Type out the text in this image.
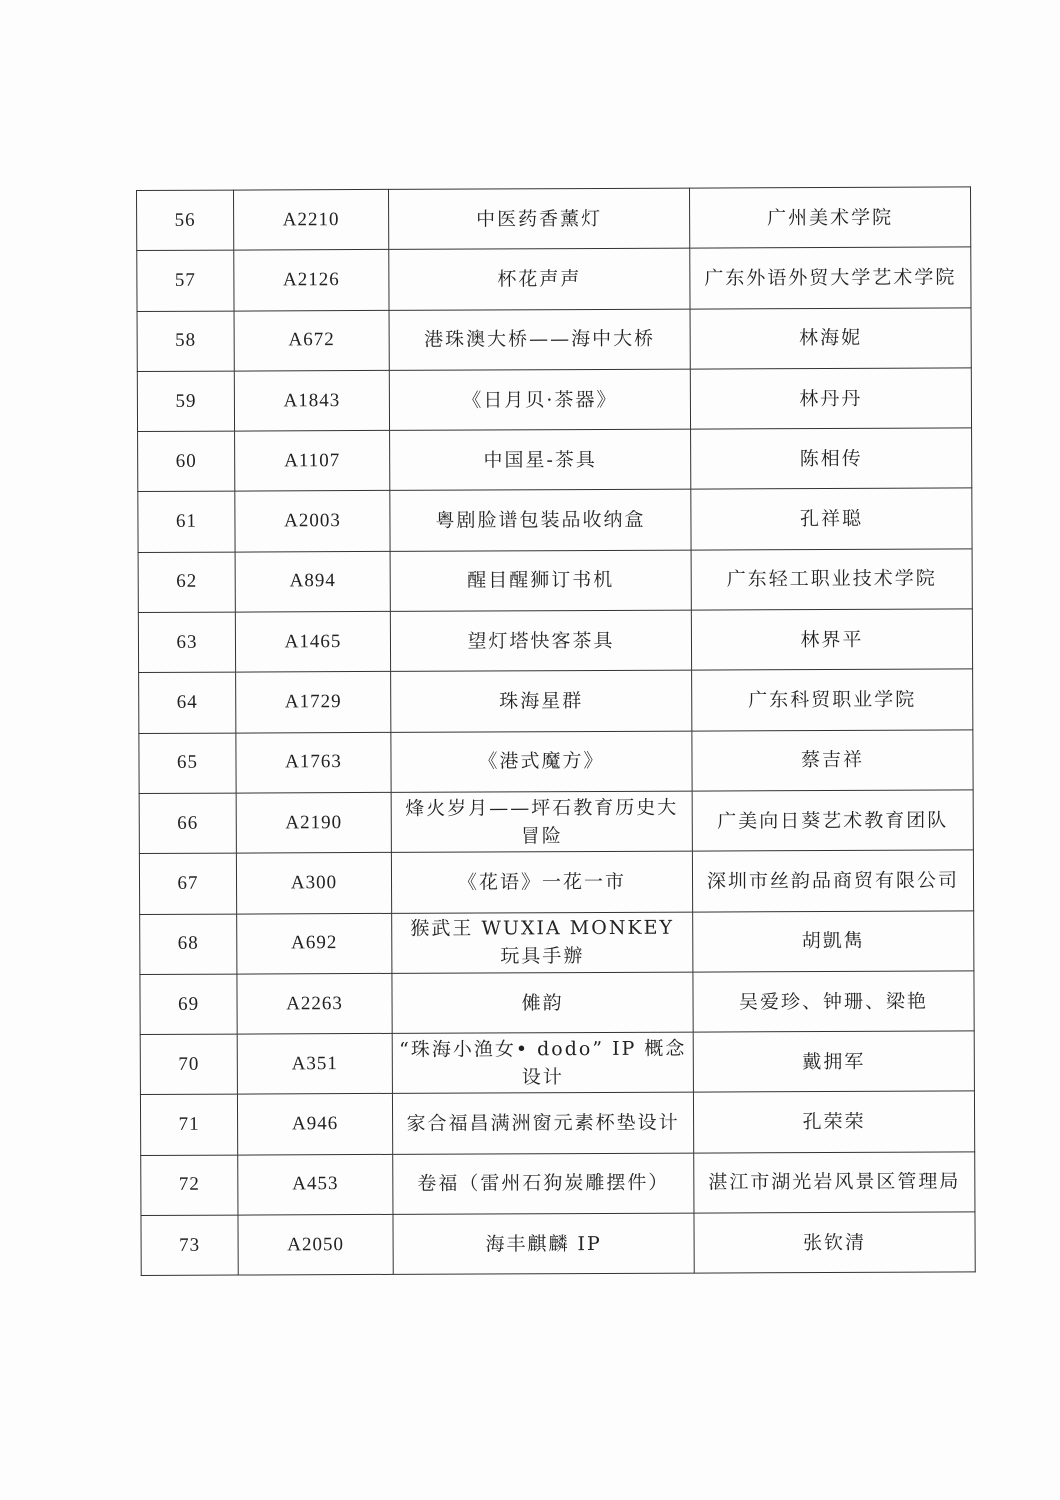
56	A2210	中医药香薰灯	广州美术学院
57	A2126	杯花声声	广东外语外贸大学艺术学院
58	A672	港珠澳大桥——海中大桥	林海妮
59	A1843	《日月贝·茶器》	林丹丹
60	A1107	中国星-茶具	陈相传
61	A2003	粤剧脸谱包装品收纳盒	孔祥聪
62	A894	醒目醒狮订书机	广东轻工职业技术学院
63	A1465	望灯塔快客茶具	林界平
64	A1729	珠海星群	广东科贸职业学院
65	A1763	《港式魔方》	蔡吉祥
66	A2190	烽火岁月——坪石教育历史大冒险	广美向日葵艺术教育团队
67	A300	《花语》一花一市	深圳市丝韵品商贸有限公司
68	A692	猴武王 WUXIA MONKEY 玩具手辦	胡凱雋
69	A2263	傩韵	吴爱珍、钟珊、梁艳
70	A351	“珠海小渔女• dodo” IP 概念设计	戴拥军
71	A946	家合福昌满洲窗元素杯垫设计	孔荣荣
72	A453	卷福（雷州石狗炭雕摆件）	湛江市湖光岩风景区管理局
73	A2050	海丰麒麟 IP	张钦清
